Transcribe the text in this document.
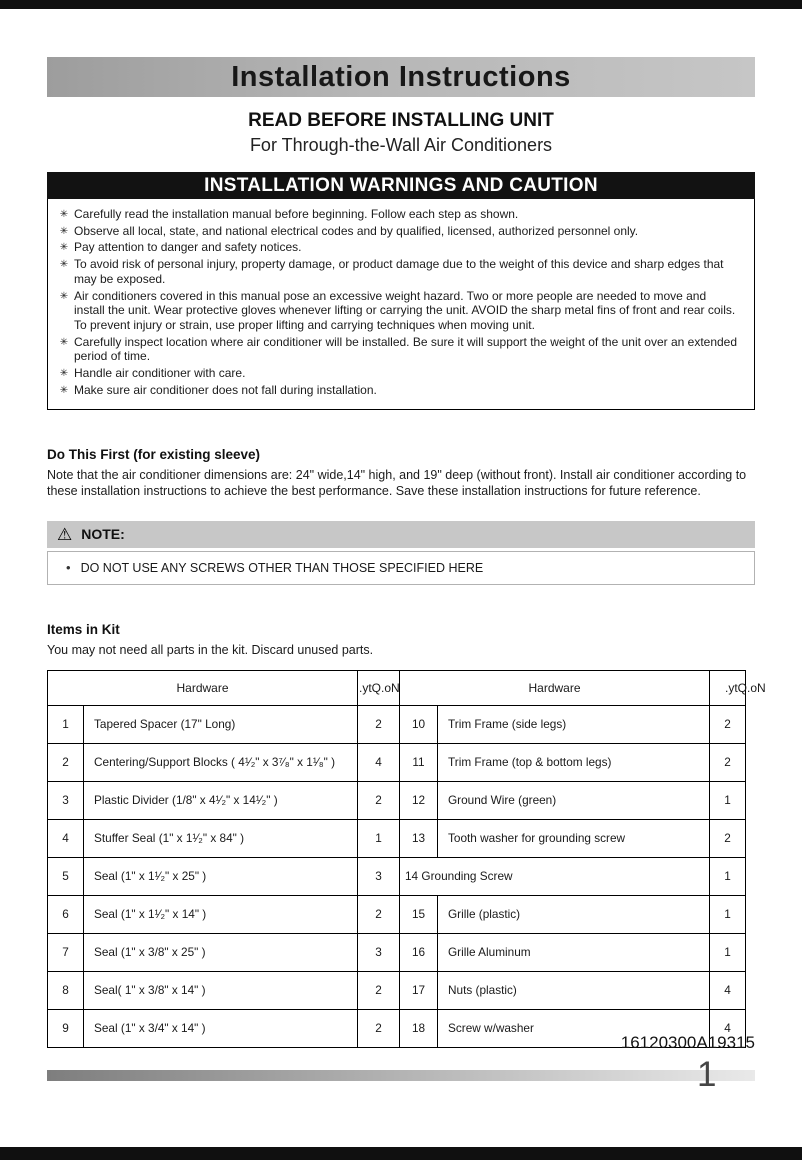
Installation Instructions
READ BEFORE INSTALLING UNIT
For Through-the-Wall Air Conditioners
INSTALLATION WARNINGS AND CAUTION
✳ Carefully read the installation manual before beginning. Follow each step as shown.
✳ Observe all local, state, and national electrical codes and by qualified, licensed, authorized personnel only.
✳ Pay attention to danger and safety notices.
✳ To avoid risk of personal injury, property damage, or product damage due to the weight of this device and sharp edges that may be exposed.
✳ Air conditioners covered in this manual pose an excessive weight hazard. Two or more people are needed to move and install the unit. Wear protective gloves whenever lifting or carrying the unit. AVOID the sharp metal fins of front and rear coils. To prevent injury or strain, use proper lifting and carrying techniques when moving unit.
✳ Carefully inspect location where air conditioner will be installed. Be sure it will support the weight of the unit over an extended period of time.
✳ Handle air conditioner with care.
✳ Make sure air conditioner does not fall during installation.
Do This First (for existing sleeve)
Note that the air conditioner dimensions are: 24" wide,14" high, and 19" deep (without front). Install air conditioner according to these installation instructions to achieve the best performance. Save these installation instructions for future reference.
⚠ NOTE:
• DO NOT USE ANY SCREWS OTHER THAN THOSE SPECIFIED HERE
Items in Kit
You may not need all parts in the kit. Discard unused parts.
Hardware		.ytQ.oN	Hardware		.ytQ.oN
1	Tapered Spacer (17" Long)	2	10	Trim Frame (side legs)	2
2	Centering/Support Blocks ( 4¹⁄₂" x 3⁷⁄₈" x 1¹⁄₈" )	4	11	Trim Frame (top & bottom legs)	2
3	Plastic Divider (1/8" x 4¹⁄₂" x 14¹⁄₂" )	2	12	Ground Wire (green)	1
4	Stuffer Seal (1" x 1¹⁄₂" x 84" )	1	13	Tooth washer for grounding screw	2
5	Seal (1" x 1¹⁄₂" x 25" )	3	14 Grounding Screw		1
6	Seal (1" x 1¹⁄₂" x 14" )	2	15	Grille (plastic)	1
7	Seal (1" x 3/8" x 25" )	3	16	Grille Aluminum	1
8	Seal( 1" x 3/8" x 14" )	2	17	Nuts (plastic)	4
9	Seal (1" x 3/4" x 14" )	2	18	Screw w/washer	4
16120300A19315
1
